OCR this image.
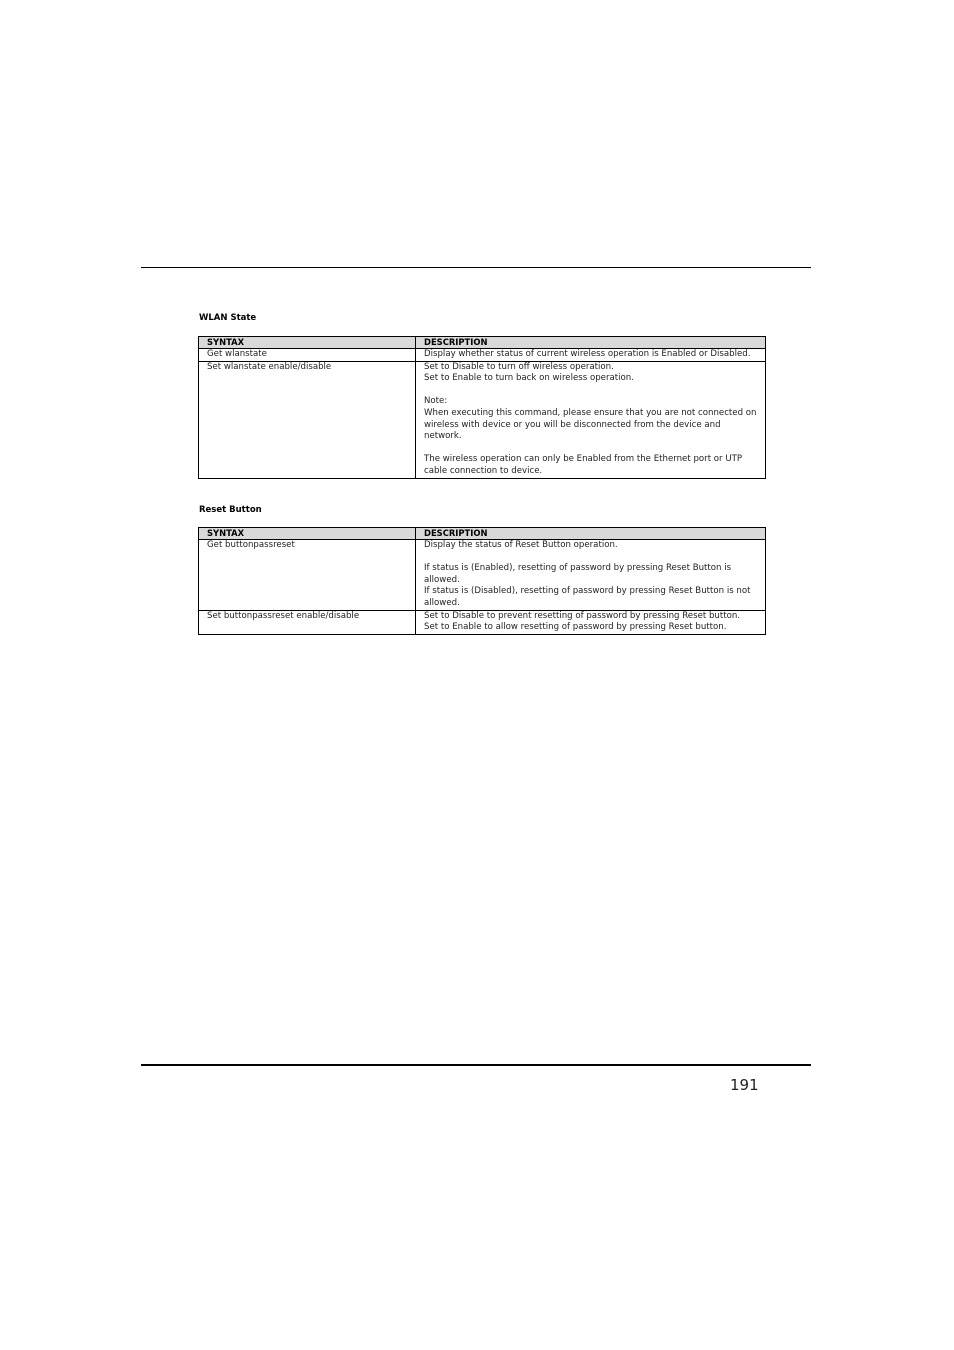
WLAN State
SYNTAX	DESCRIPTION
Get wlanstate	Display whether status of current wireless operation is Enabled or Disabled.

Set wlanstate enable/disable	Set to Disable to turn off wireless operation.
Set to Enable to turn back on wireless operation.
Note:
When executing this command, please ensure that you are not connected on wireless with device or you will be disconnected from the device and network.
The wireless operation can only be Enabled from the Ethernet port or UTP cable connection to device.
Reset Button
SYNTAX	DESCRIPTION
Get buttonpassreset	Display the status of Reset Button operation.
If status is (Enabled), resetting of password by pressing Reset Button is allowed.
If status is (Disabled), resetting of password by pressing Reset Button is not allowed.

Set buttonpassreset enable/disable	Set to Disable to prevent resetting of password by pressing Reset button.
Set to Enable to allow resetting of password by pressing Reset button.
191
